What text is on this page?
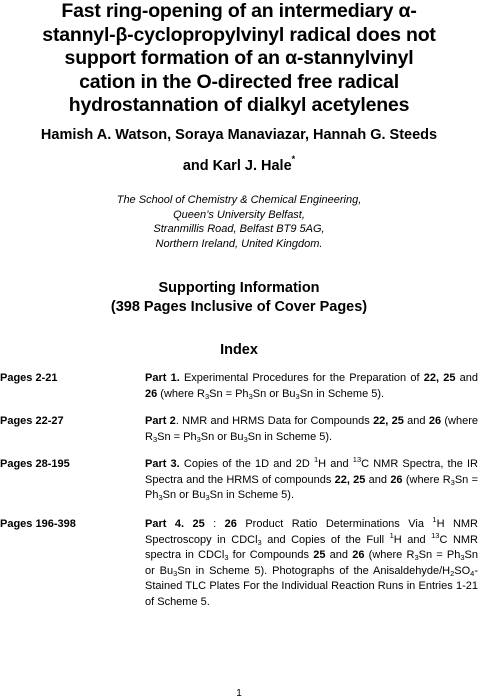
Fast ring-opening of an intermediary α-
stannyl-β-cyclopropylvinyl radical does not
support formation of an α-stannylvinyl
cation in the O-directed free radical
hydrostannation of dialkyl acetylenes
Hamish A. Watson, Soraya Manaviazar, Hannah G. Steeds
and Karl J. Hale*
The School of Chemistry & Chemical Engineering,
Queen’s University Belfast,
Stranmillis Road, Belfast BT9 5AG,
Northern Ireland, United Kingdom.
Supporting Information
(398 Pages Inclusive of Cover Pages)
Index
Pages 2-21	Part 1. Experimental Procedures for the Preparation of 22, 25 and 26 (where $R_3Sn = Ph_3Sn$ or $Bu_3Sn$ in Scheme 5).
Pages 22-27	Part 2. NMR and HRMS Data for Compounds 22, 25 and 26 (where $R_3Sn = Ph_3Sn$ or $Bu_3Sn$ in Scheme 5).
Pages 28-195	Part 3. Copies of the 1D and 2D $^1$H and $^{13}$C NMR Spectra, the IR Spectra and the HRMS of compounds 22, 25 and 26 (where $R_3Sn = Ph_3Sn$ or $Bu_3Sn$ in Scheme 5).
Pages 196-398	Part 4. 25 : 26 Product Ratio Determinations Via $^1$H NMR Spectroscopy in CDCl$_3$ and Copies of the Full $^1$H and $^{13}$C NMR spectra in CDCl$_3$ for Compounds 25 and 26 (where $R_3Sn = Ph_3Sn$ or $Bu_3Sn$ in Scheme 5). Photographs of the Anisaldehyde/$H_2SO_4$-Stained TLC Plates For the Individual Reaction Runs in Entries 1-21 of Scheme 5.
1
